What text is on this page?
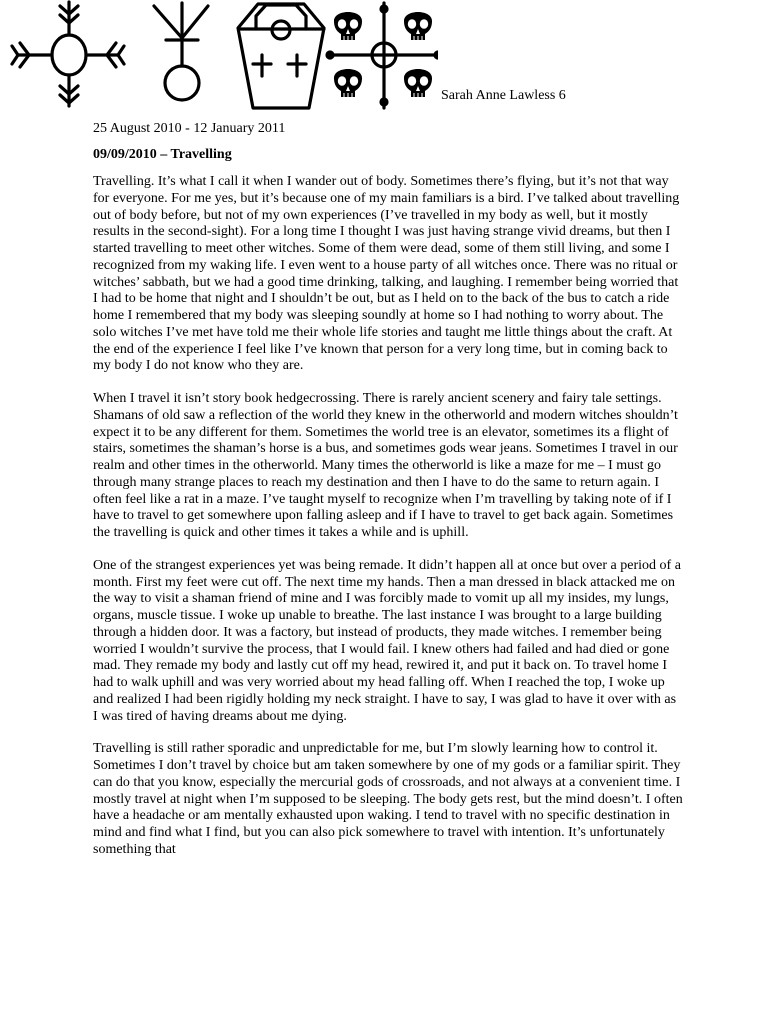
Sarah Anne Lawless 6

25 August 2010 - 12 January 2011

09/09/2010 – Travelling

Travelling. It’s what I call it when I wander out of body. Sometimes there’s flying, but it’s not that way for everyone. For me yes, but it’s because one of my main familiars is a bird. I’ve talked about travelling out of body before, but not of my own experiences (I’ve travelled in my body as well, but it mostly results in the second-sight). For a long time I thought I was just having strange vivid dreams, but then I started travelling to meet other witches. Some of them were dead, some of them still living, and some I recognized from my waking life. I even went to a house party of all witches once. There was no ritual or witches’ sabbath, but we had a good time drinking, talking, and laughing. I remember being worried that I had to be home that night and I shouldn’t be out, but as I held on to the back of the bus to catch a ride home I remembered that my body was sleeping soundly at home so I had nothing to worry about. The solo witches I’ve met have told me their whole life stories and taught me little things about the craft. At the end of the experience I feel like I’ve known that person for a very long time, but in coming back to my body I do not know who they are.

When I travel it isn’t story book hedgecrossing. There is rarely ancient scenery and fairy tale settings. Shamans of old saw a reflection of the world they knew in the otherworld and modern witches shouldn’t expect it to be any different for them. Sometimes the world tree is an elevator, sometimes its a flight of stairs, sometimes the shaman’s horse is a bus, and sometimes gods wear jeans. Sometimes I travel in our realm and other times in the otherworld. Many times the otherworld is like a maze for me – I must go through many strange places to reach my destination and then I have to do the same to return again. I often feel like a rat in a maze. I’ve taught myself to recognize when I’m travelling by taking note of if I have to travel to get somewhere upon falling asleep and if I have to travel to get back again. Sometimes the travelling is quick and other times it takes a while and is uphill.

One of the strangest experiences yet was being remade. It didn’t happen all at once but over a period of a month. First my feet were cut off. The next time my hands. Then a man dressed in black attacked me on the way to visit a shaman friend of mine and I was forcibly made to vomit up all my insides, my lungs, organs, muscle tissue. I woke up unable to breathe. The last instance I was brought to a large building through a hidden door. It was a factory, but instead of products, they made witches. I remember being worried I wouldn’t survive the process, that I would fail. I knew others had failed and had died or gone mad. They remade my body and lastly cut off my head, rewired it, and put it back on. To travel home I had to walk uphill and was very worried about my head falling off. When I reached the top, I woke up and realized I had been rigidly holding my neck straight. I have to say, I was glad to have it over with as I was tired of having dreams about me dying.

Travelling is still rather sporadic and unpredictable for me, but I’m slowly learning how to control it. Sometimes I don’t travel by choice but am taken somewhere by one of my gods or a familiar spirit. They can do that you know, especially the mercurial gods of crossroads, and not always at a convenient time. I mostly travel at night when I’m supposed to be sleeping. The body gets rest, but the mind doesn’t. I often have a headache or am mentally exhausted upon waking. I tend to travel with no specific destination in mind and find what I find, but you can also pick somewhere to travel with intention. It’s unfortunately something that
